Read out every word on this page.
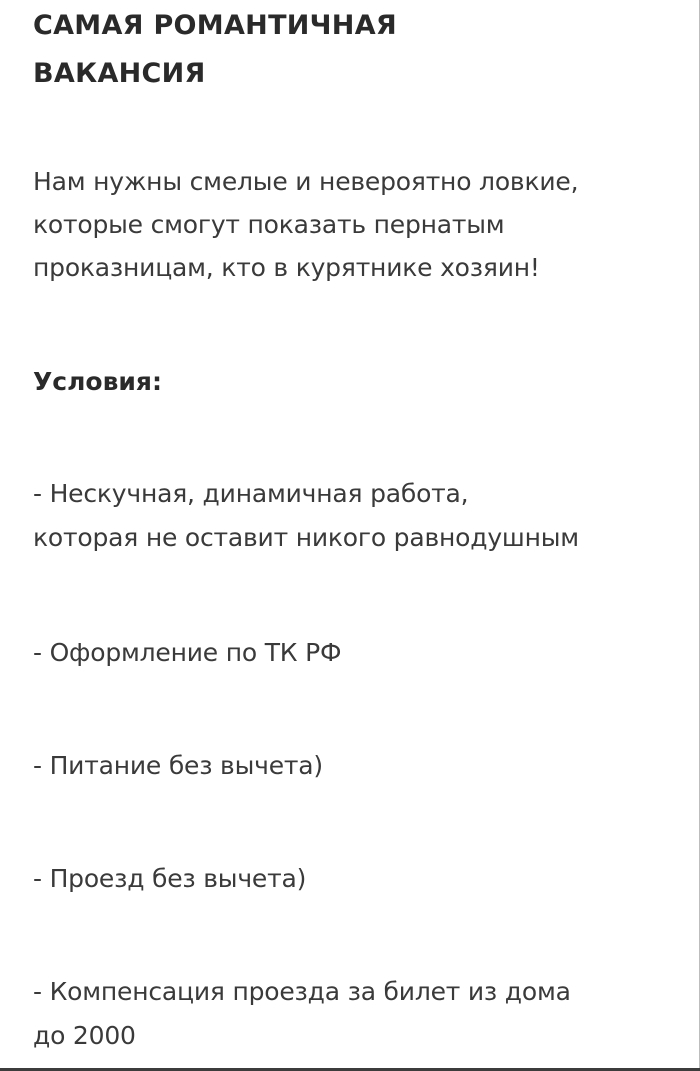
САМАЯ РОМАНТИЧНАЯ
ВАКАНСИЯ

Нам нужны смелые и невероятно ловкие,
которые смогут показать пернатым
проказницам, кто в курятнике хозяин!

Условия:

- Нескучная, динамичная работа,
которая не оставит никого равнодушным

- Оформление по ТК РФ

- Питание без вычета)

- Проезд без вычета)

- Компенсация проезда за билет из дома
до 2000
